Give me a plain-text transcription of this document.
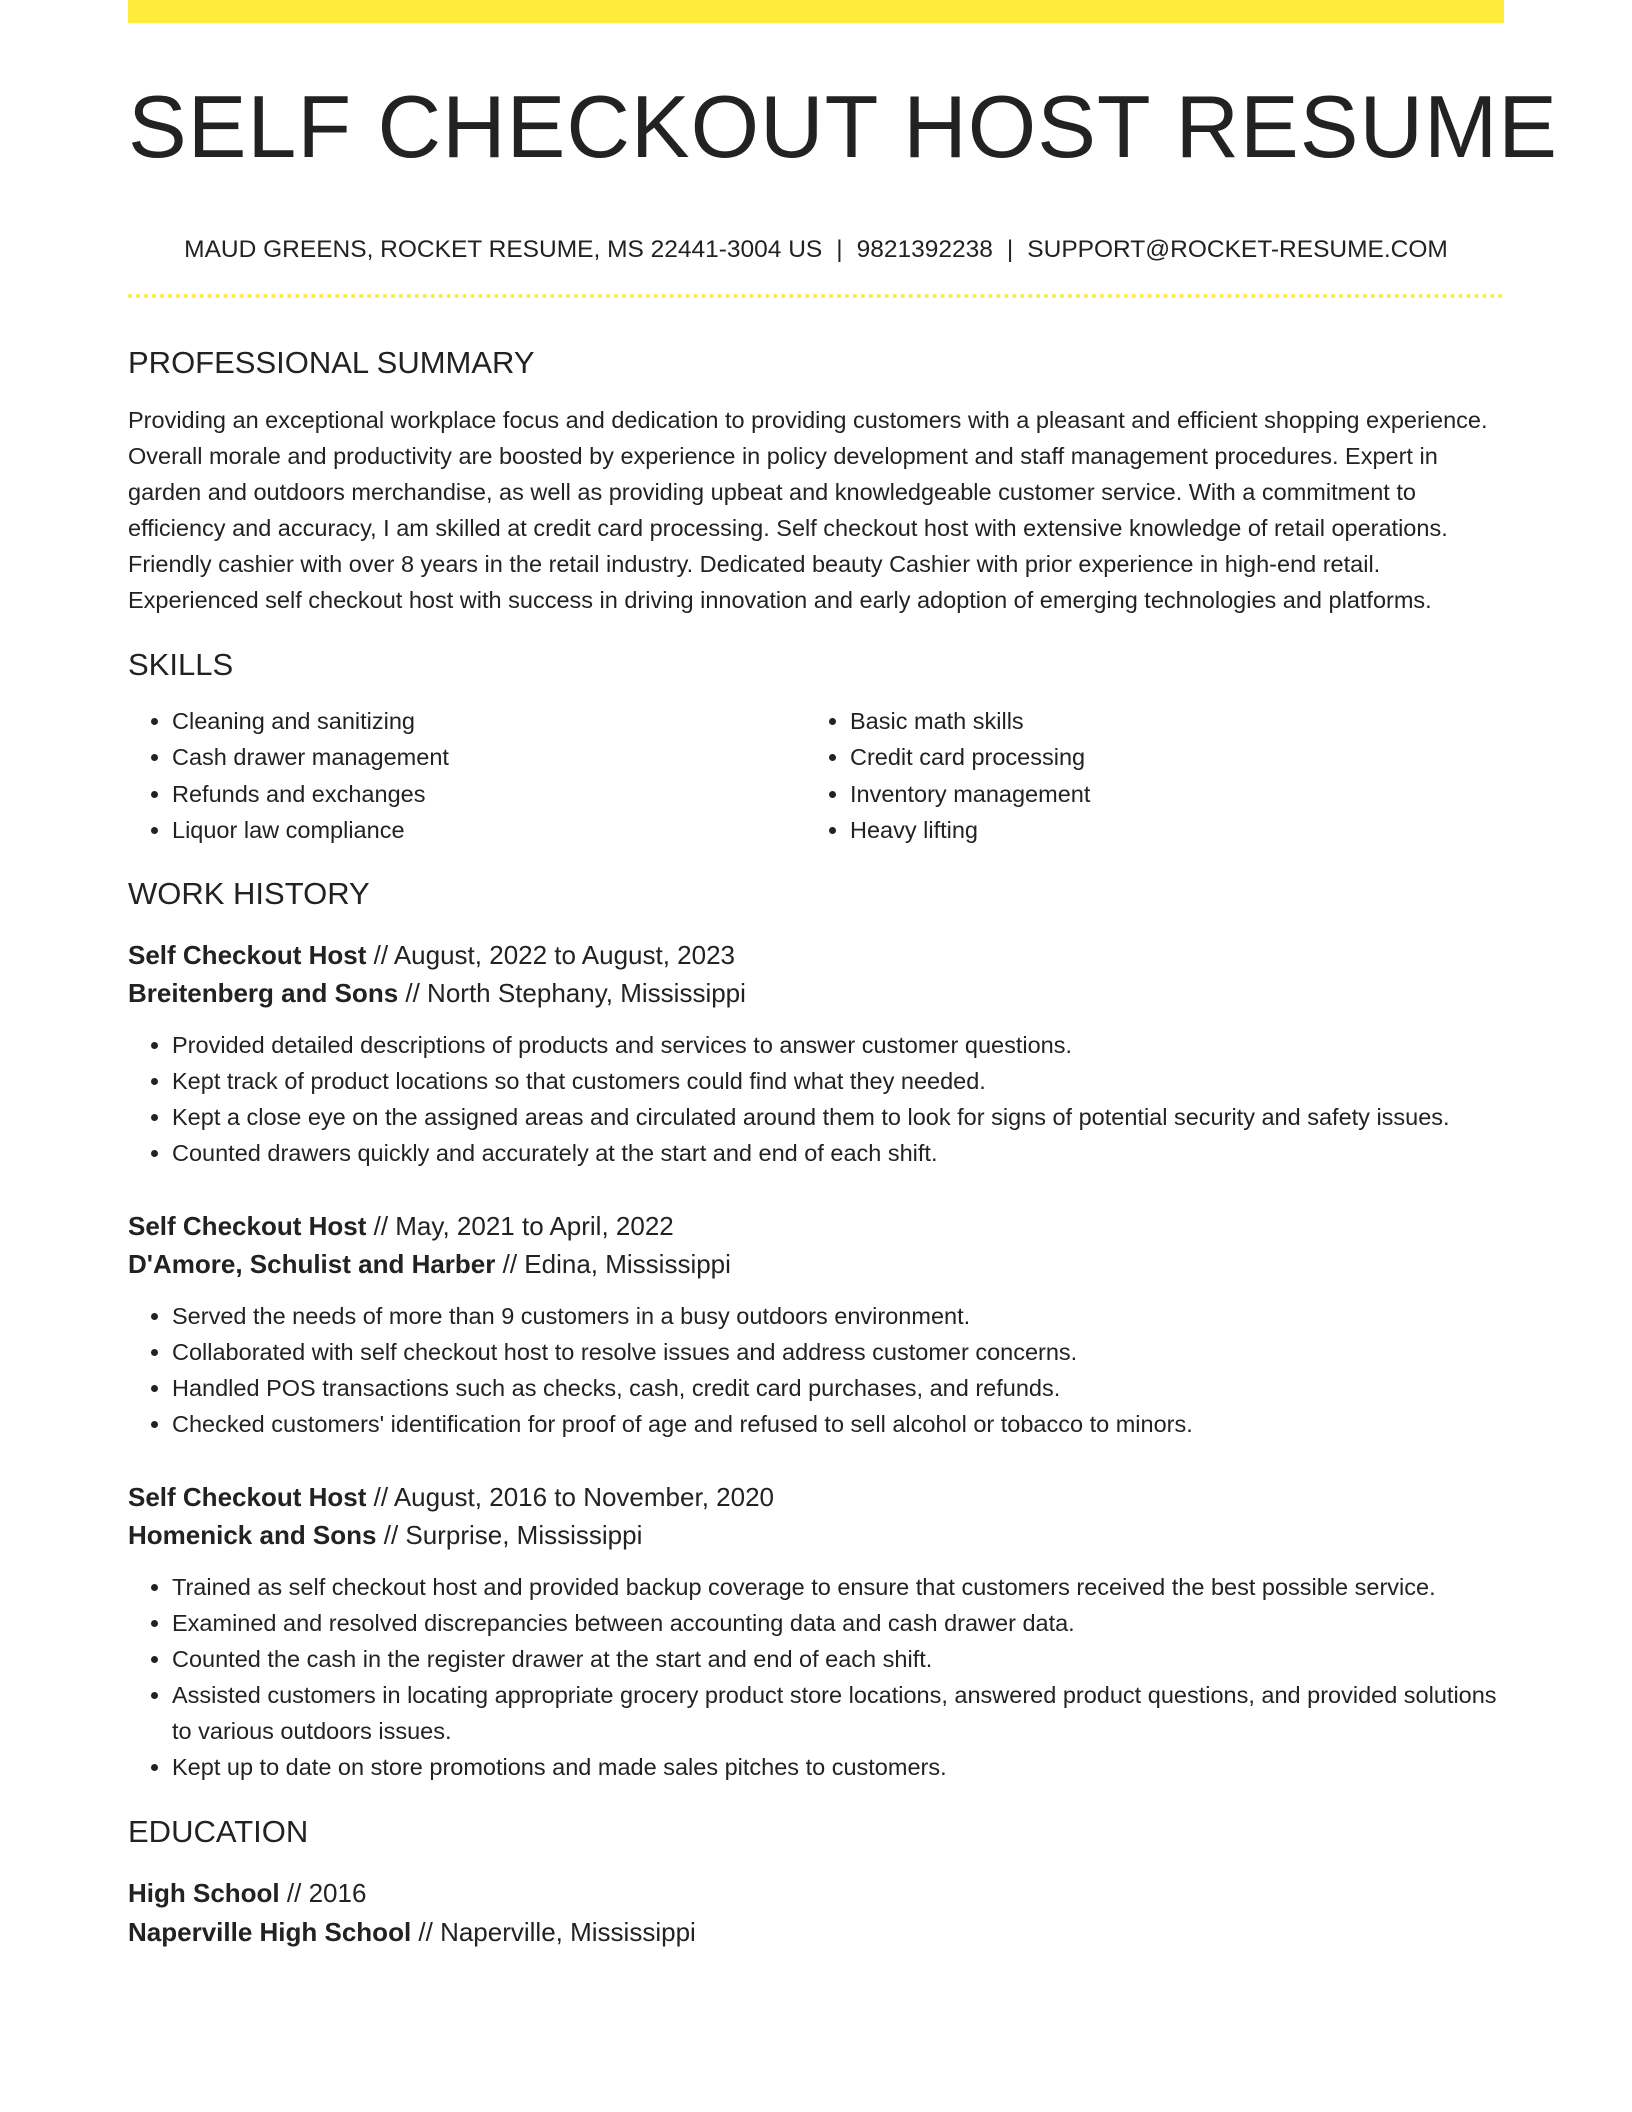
SELF CHECKOUT HOST RESUME
MAUD GREENS, ROCKET RESUME, MS 22441-3004 US | 9821392238 | SUPPORT@ROCKET-RESUME.COM
PROFESSIONAL SUMMARY

Providing an exceptional workplace focus and dedication to providing customers with a pleasant and efficient shopping experience. Overall morale and productivity are boosted by experience in policy development and staff management procedures. Expert in garden and outdoors merchandise, as well as providing upbeat and knowledgeable customer service. With a commitment to efficiency and accuracy, I am skilled at credit card processing. Self checkout host with extensive knowledge of retail operations. Friendly cashier with over 8 years in the retail industry. Dedicated beauty Cashier with prior experience in high-end retail. Experienced self checkout host with success in driving innovation and early adoption of emerging technologies and platforms.

SKILLS
• Cleaning and sanitizing
• Cash drawer management
• Refunds and exchanges
• Liquor law compliance
• Basic math skills
• Credit card processing
• Inventory management
• Heavy lifting
WORK HISTORY
Self Checkout Host // August, 2022 to August, 2023
Breitenberg and Sons // North Stephany, Mississippi
• Provided detailed descriptions of products and services to answer customer questions.
• Kept track of product locations so that customers could find what they needed.
• Kept a close eye on the assigned areas and circulated around them to look for signs of potential security and safety issues.
• Counted drawers quickly and accurately at the start and end of each shift.
Self Checkout Host // May, 2021 to April, 2022
D'Amore, Schulist and Harber // Edina, Mississippi
• Served the needs of more than 9 customers in a busy outdoors environment.
• Collaborated with self checkout host to resolve issues and address customer concerns.
• Handled POS transactions such as checks, cash, credit card purchases, and refunds.
• Checked customers' identification for proof of age and refused to sell alcohol or tobacco to minors.
Self Checkout Host // August, 2016 to November, 2020
Homenick and Sons // Surprise, Mississippi
• Trained as self checkout host and provided backup coverage to ensure that customers received the best possible service.
• Examined and resolved discrepancies between accounting data and cash drawer data.
• Counted the cash in the register drawer at the start and end of each shift.
• Assisted customers in locating appropriate grocery product store locations, answered product questions, and provided solutions to various outdoors issues.
• Kept up to date on store promotions and made sales pitches to customers.
EDUCATION
High School // 2016
Naperville High School // Naperville, Mississippi
